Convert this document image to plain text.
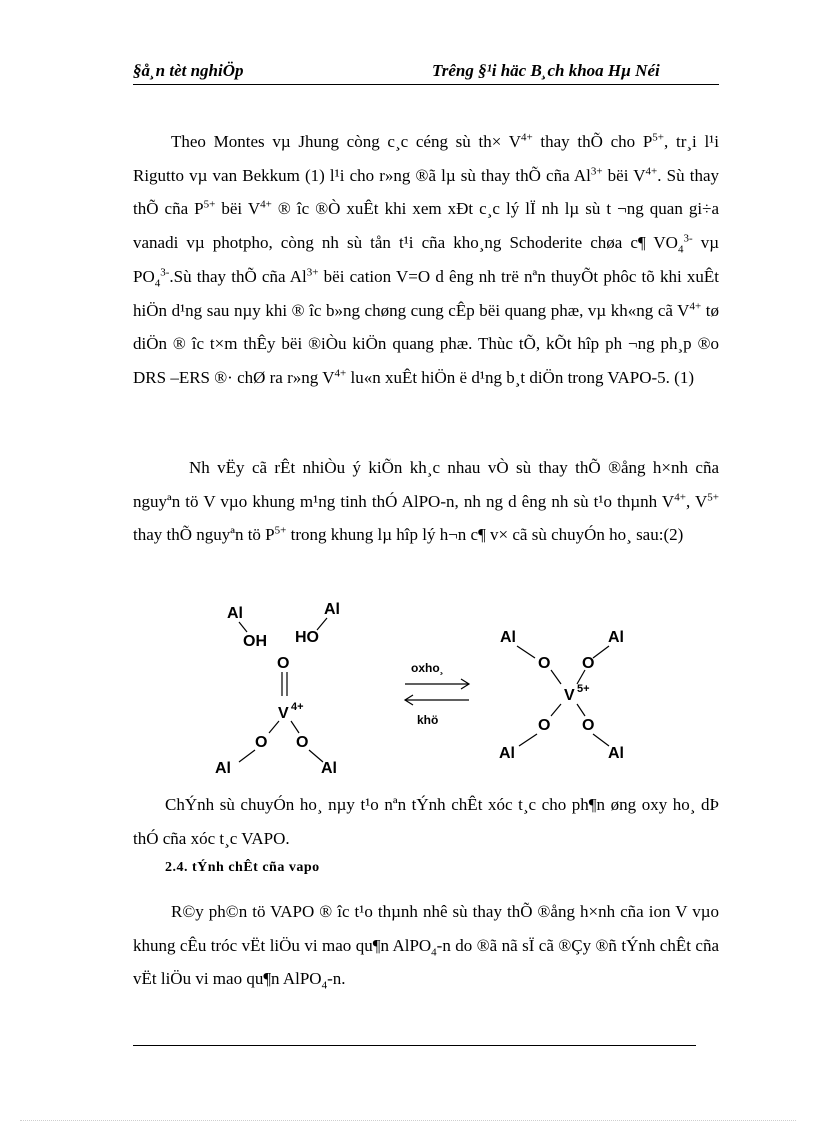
§å¸n tèt nghiÖp	Trêng §¹i häc B¸ch khoa Hµ Néi

Theo Montes vµ Jhung còng c¸c céng sù $th\times V^{4+}$ thay thÕ cho $P^{5+}$, tr¸i l¹i Rigutto vµ van Bekkum (1) l¹i cho r»ng ®ã lµ sù thay thÕ cña $Al^{3+}$ bëi $V^{4+}$. Sù thay thÕ cña $P^{5+}$ bëi $V^{4+}$ ® îc ®Ò xuÊt khi xem xÐt c¸c lý lÏ nh lµ sù t ¬ng quan gi÷a vanadi vµ photpho, còng nh sù tån t¹i cña kho¸ng Schoderite chøa c¶ $VO_4^{3-}$ vµ $PO_4^{3-}.Sù$ thay thÕ cña $Al^{3+}$ bëi cation V=O d êng nh trë nªn thuyÕt phôc tõ khi xuÊt hiÖn d¹ng sau nµy khi ® îc b»ng chøng cung cÊp bëi quang phæ, vµ kh«ng cã $V^{4+}$ tø diÖn ® îc t×m thÊy bëi ®iÒu kiÖn quang phæ. Thùc tÕ, kÕt hîp ph ¬ng ph¸p ®o DRS –ERS ®· chØ ra r»ng $V^{4+}$ lu«n xuÊt hiÖn ë d¹ng b¸t diÖn trong VAPO-5. (1)

Nh vËy cã rÊt nhiÒu ý kiÕn kh¸c nhau vÒ sù thay thÕ ®ång h×nh cña nguyªn tö V vµo khung m¹ng tinh thÓ AlPO-n, nh ng d êng nh sù t¹o thµnh $V^{4+}$, $V^{5+}$ thay thÕ nguyªn tö $P^{5+}$ trong khung lµ hîp lý h¬n c¶ v× cã sù chuyÓn ho¸ sau:(2)

Al	Al
OH HO
O
V 4+
O O
Al	Al
oxho¸
khö
Al	Al
O O
V 5+
O O
Al	Al

ChÝnh sù chuyÓn ho¸ nµy t¹o nªn tÝnh chÊt xóc t¸c cho ph¶n øng oxy ho¸ dÞ thÓ cña xóc t¸c VAPO.

2.4. tÝnh chÊt cña vapo

R©y ph©n tö VAPO ® îc t¹o thµnh nhê sù thay thÕ ®ång h×nh cña ion V vµo khung cÊu tróc vËt liÖu vi mao qu¶n AlPO$_4$-n do ®ã nã sÏ cã ®Çy ®ñ tÝnh chÊt cña vËt liÖu vi mao qu¶n AlPO$_4$-n.
